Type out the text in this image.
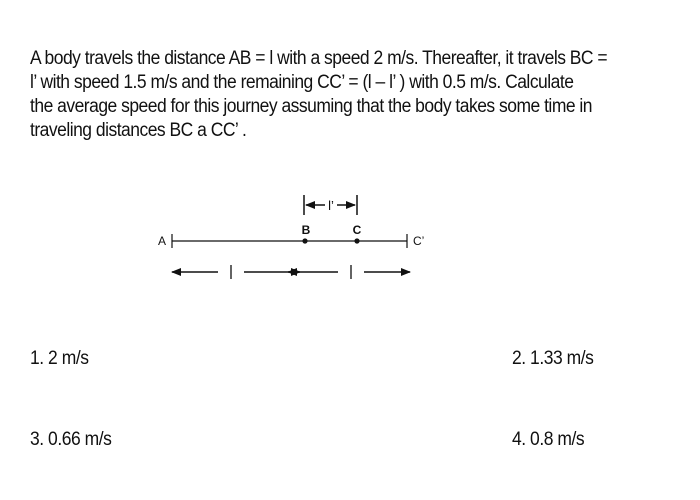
A body travels the distance AB = l with a speed 2 m/s. Thereafter, it travels BC =
l’ with speed 1.5 m/s and the remaining CC’ = (l – l’ ) with 0.5 m/s. Calculate
the average speed for this journey assuming that the body takes some time in
traveling distances BC a CC’ .
l’
B	C
A	C’
1. 2 m/s	2. 1.33 m/s
3. 0.66 m/s	4. 0.8 m/s
